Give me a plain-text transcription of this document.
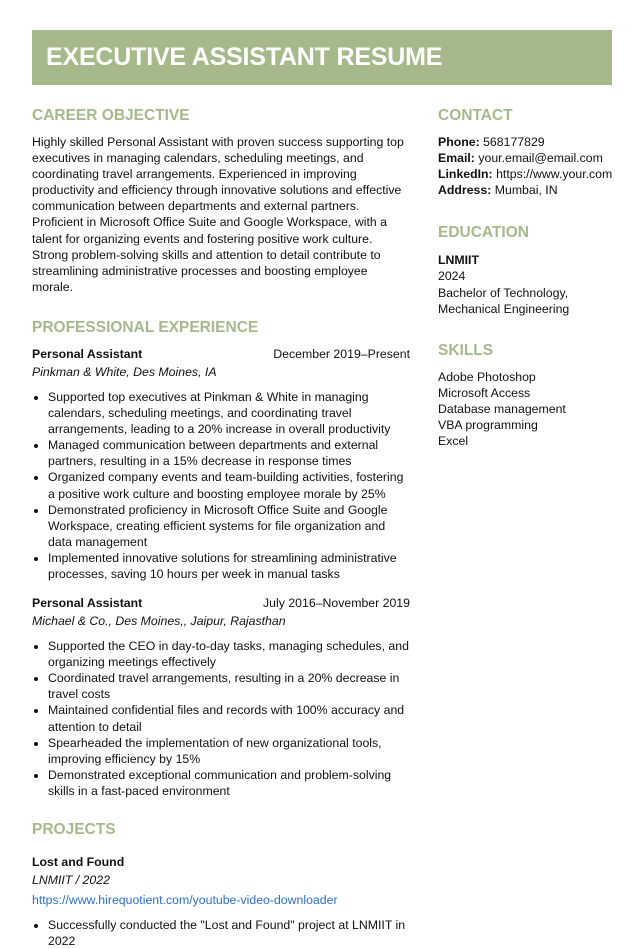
EXECUTIVE ASSISTANT RESUME
CAREER OBJECTIVE

Highly skilled Personal Assistant with proven success supporting top executives in managing calendars, scheduling meetings, and coordinating travel arrangements. Experienced in improving productivity and efficiency through innovative solutions and effective communication between departments and external partners. Proficient in Microsoft Office Suite and Google Workspace, with a talent for organizing events and fostering positive work culture. Strong problem-solving skills and attention to detail contribute to streamlining administrative processes and boosting employee morale.

PROFESSIONAL EXPERIENCE
Personal Assistant	December 2019–Present
Pinkman & White, Des Moines, IA
• Supported top executives at Pinkman & White in managing calendars, scheduling meetings, and coordinating travel arrangements, leading to a 20% increase in overall productivity
• Managed communication between departments and external partners, resulting in a 15% decrease in response times
• Organized company events and team-building activities, fostering a positive work culture and boosting employee morale by 25%
• Demonstrated proficiency in Microsoft Office Suite and Google Workspace, creating efficient systems for file organization and data management
• Implemented innovative solutions for streamlining administrative processes, saving 10 hours per week in manual tasks
Personal Assistant	July 2016–November 2019
Michael & Co., Des Moines,, Jaipur, Rajasthan
• Supported the CEO in day-to-day tasks, managing schedules, and organizing meetings effectively
• Coordinated travel arrangements, resulting in a 20% decrease in travel costs
• Maintained confidential files and records with 100% accuracy and attention to detail
• Spearheaded the implementation of new organizational tools, improving efficiency by 15%
• Demonstrated exceptional communication and problem-solving skills in a fast-paced environment
PROJECTS
Lost and Found
LNMIIT / 2022
https://www.hirequotient.com/youtube-video-downloader
• Successfully conducted the "Lost and Found" project at LNMIIT in 2022
CONTACT
Phone: 568177829
Email: your.email@email.com
LinkedIn: https://www.your.com
Address: Mumbai, IN
EDUCATION
LNMIIT
2024
Bachelor of Technology, Mechanical Engineering
SKILLS
Adobe Photoshop
Microsoft Access
Database management
VBA programming
Excel
